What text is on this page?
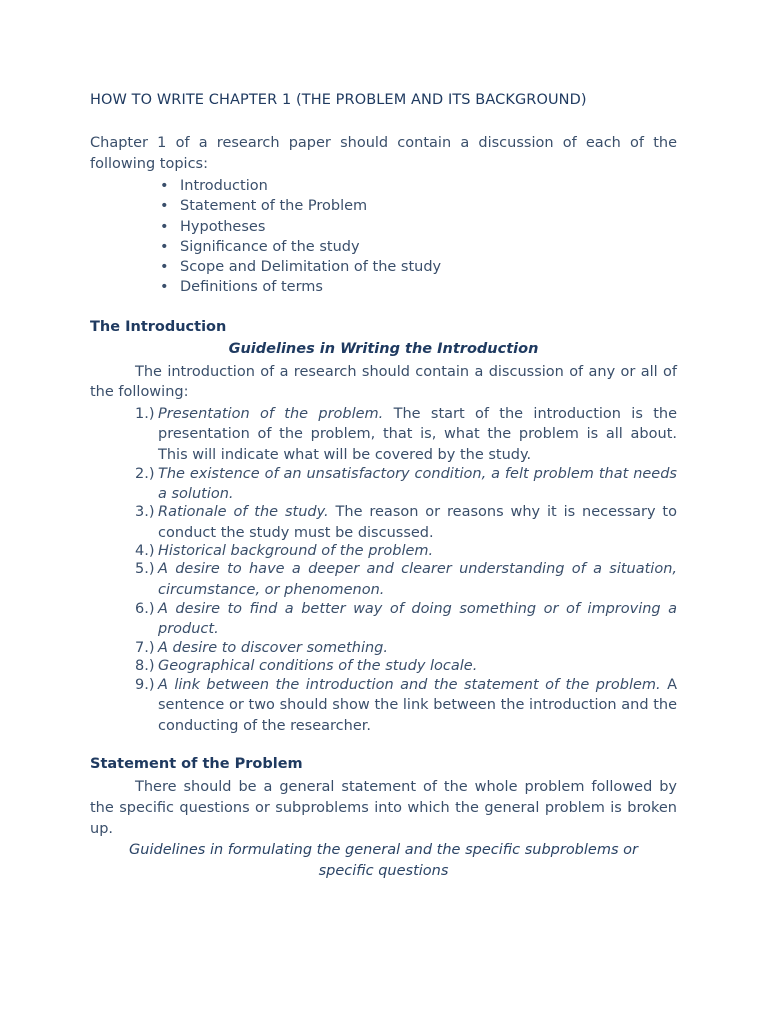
HOW TO WRITE CHAPTER 1 (THE PROBLEM AND ITS BACKGROUND)
Chapter 1 of a research paper should contain a discussion of each of the following topics:
• Introduction
• Statement of the Problem
• Hypotheses
• Significance of the study
• Scope and Delimitation of the study
• Definitions of terms
The Introduction
Guidelines in Writing the Introduction
The introduction of a research should contain a discussion of any or all of the following:
1.) Presentation of the problem. The start of the introduction is the presentation of the problem, that is, what the problem is all about. This will indicate what will be covered by the study.
2.) The existence of an unsatisfactory condition, a felt problem that needs a solution.
3.) Rationale of the study. The reason or reasons why it is necessary to conduct the study must be discussed.
4.) Historical background of the problem.
5.) A desire to have a deeper and clearer understanding of a situation, circumstance, or phenomenon.
6.) A desire to find a better way of doing something or of improving a product.
7.) A desire to discover something.
8.) Geographical conditions of the study locale.
9.) A link between the introduction and the statement of the problem. A sentence or two should show the link between the introduction and the conducting of the researcher.
Statement of the Problem
There should be a general statement of the whole problem followed by the specific questions or subproblems into which the general problem is broken up.
Guidelines in formulating the general and the specific subproblems or
specific questions
